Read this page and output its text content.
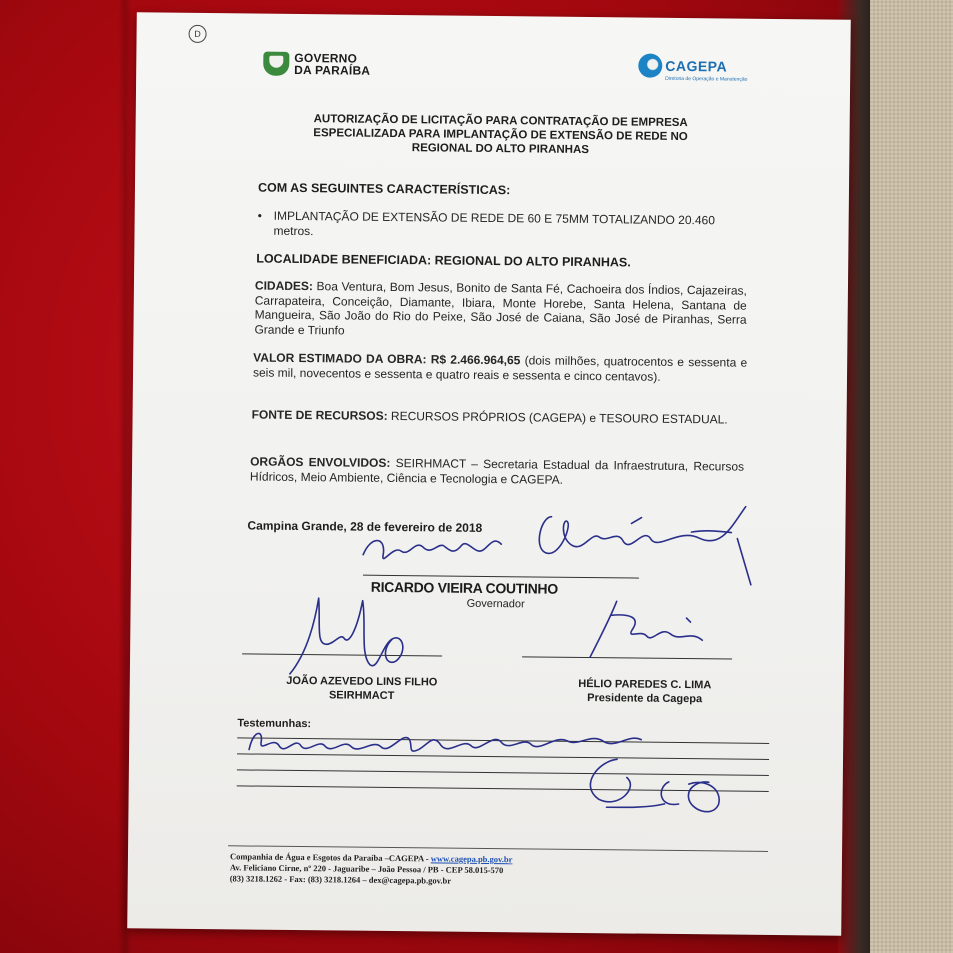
D
GOVERNO
DA PARAÍBA	CAGEPA
Diretoria de Operação e Manutenção
AUTORIZAÇÃO DE LICITAÇÃO PARA CONTRATAÇÃO DE EMPRESA
ESPECIALIZADA PARA IMPLANTAÇÃO DE EXTENSÃO DE REDE NO
REGIONAL DO ALTO PIRANHAS
COM AS SEGUINTES CARACTERÍSTICAS:
• IMPLANTAÇÃO DE EXTENSÃO DE REDE DE 60 E 75MM TOTALIZANDO 20.460 metros.
LOCALIDADE BENEFICIADA: REGIONAL DO ALTO PIRANHAS.
CIDADES: Boa Ventura, Bom Jesus, Bonito de Santa Fé, Cachoeira dos Índios, Cajazeiras, Carrapateira, Conceição, Diamante, Ibiara, Monte Horebe, Santa Helena, Santana de Mangueira, São João do Rio do Peixe, São José de Caiana, São José de Piranhas, Serra Grande e Triunfo
VALOR ESTIMADO DA OBRA: R$ 2.466.964,65 (dois milhões, quatrocentos e sessenta e seis mil, novecentos e sessenta e quatro reais e sessenta e cinco centavos).
FONTE DE RECURSOS: RECURSOS PRÓPRIOS (CAGEPA) e TESOURO ESTADUAL.
ORGÃOS ENVOLVIDOS: SEIRHMACT – Secretaria Estadual da Infraestrutura, Recursos Hídricos, Meio Ambiente, Ciência e Tecnologia e CAGEPA.
Campina Grande, 28 de fevereiro de 2018
RICARDO VIEIRA COUTINHO
Governador
JOÃO AZEVEDO LINS FILHO
SEIRHMACT
HÉLIO PAREDES C. LIMA
Presidente da Cagepa
Testemunhas:
Companhia de Água e Esgotos da Paraíba –CAGEPA - www.cagepa.pb.gov.br
Av. Feliciano Cirne, nº 220 - Jaguaribe – João Pessoa / PB - CEP 58.015-570
(83) 3218.1262 - Fax: (83) 3218.1264 – dex@cagepa.pb.gov.br
